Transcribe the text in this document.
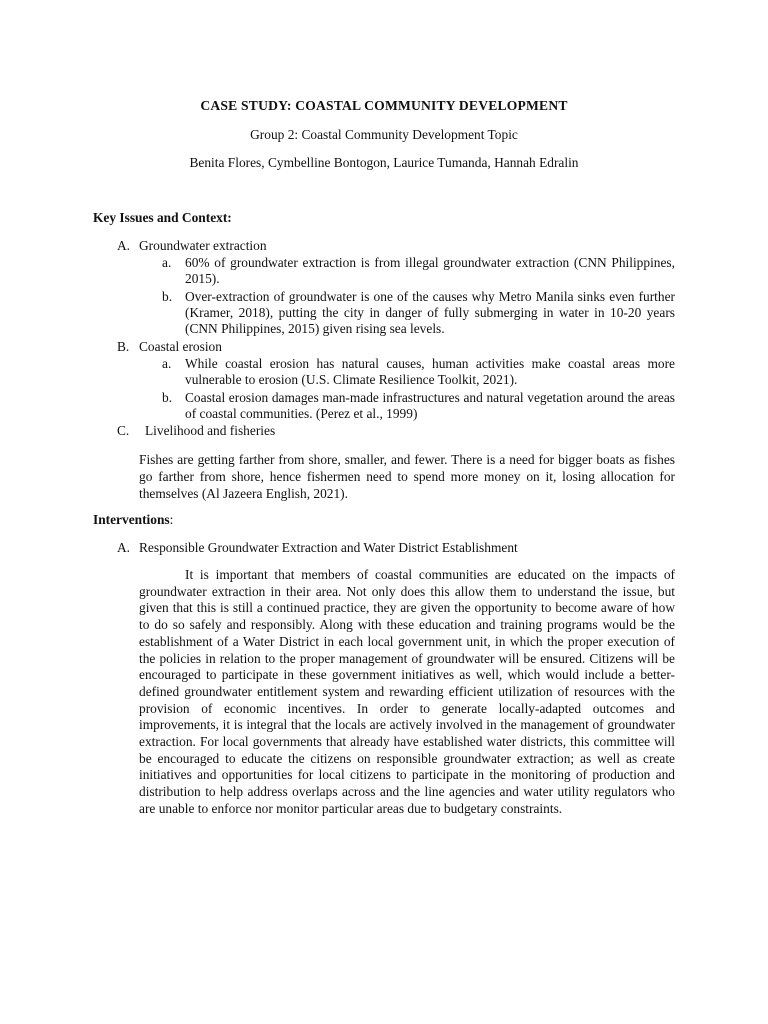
CASE STUDY: COASTAL COMMUNITY DEVELOPMENT
Group 2: Coastal Community Development Topic
Benita Flores, Cymbelline Bontogon, Laurice Tumanda, Hannah Edralin
Key Issues and Context:
A. Groundwater extraction
a. 60% of groundwater extraction is from illegal groundwater extraction (CNN Philippines, 2015).
b. Over-extraction of groundwater is one of the causes why Metro Manila sinks even further (Kramer, 2018), putting the city in danger of fully submerging in water in 10-20 years (CNN Philippines, 2015) given rising sea levels.
B. Coastal erosion
a. While coastal erosion has natural causes, human activities make coastal areas more vulnerable to erosion (U.S. Climate Resilience Toolkit, 2021).
b. Coastal erosion damages man-made infrastructures and natural vegetation around the areas of coastal communities. (Perez et al., 1999)
C. Livelihood and fisheries
Fishes are getting farther from shore, smaller, and fewer. There is a need for bigger boats as fishes go farther from shore, hence fishermen need to spend more money on it, losing allocation for themselves (Al Jazeera English, 2021).
Interventions:
A. Responsible Groundwater Extraction and Water District Establishment
It is important that members of coastal communities are educated on the impacts of groundwater extraction in their area. Not only does this allow them to understand the issue, but given that this is still a continued practice, they are given the opportunity to become aware of how to do so safely and responsibly. Along with these education and training programs would be the establishment of a Water District in each local government unit, in which the proper execution of the policies in relation to the proper management of groundwater will be ensured. Citizens will be encouraged to participate in these government initiatives as well, which would include a better-defined groundwater entitlement system and rewarding efficient utilization of resources with the provision of economic incentives. In order to generate locally-adapted outcomes and improvements, it is integral that the locals are actively involved in the management of groundwater extraction. For local governments that already have established water districts, this committee will be encouraged to educate the citizens on responsible groundwater extraction; as well as create initiatives and opportunities for local citizens to participate in the monitoring of production and distribution to help address overlaps across and the line agencies and water utility regulators who are unable to enforce nor monitor particular areas due to budgetary constraints.
